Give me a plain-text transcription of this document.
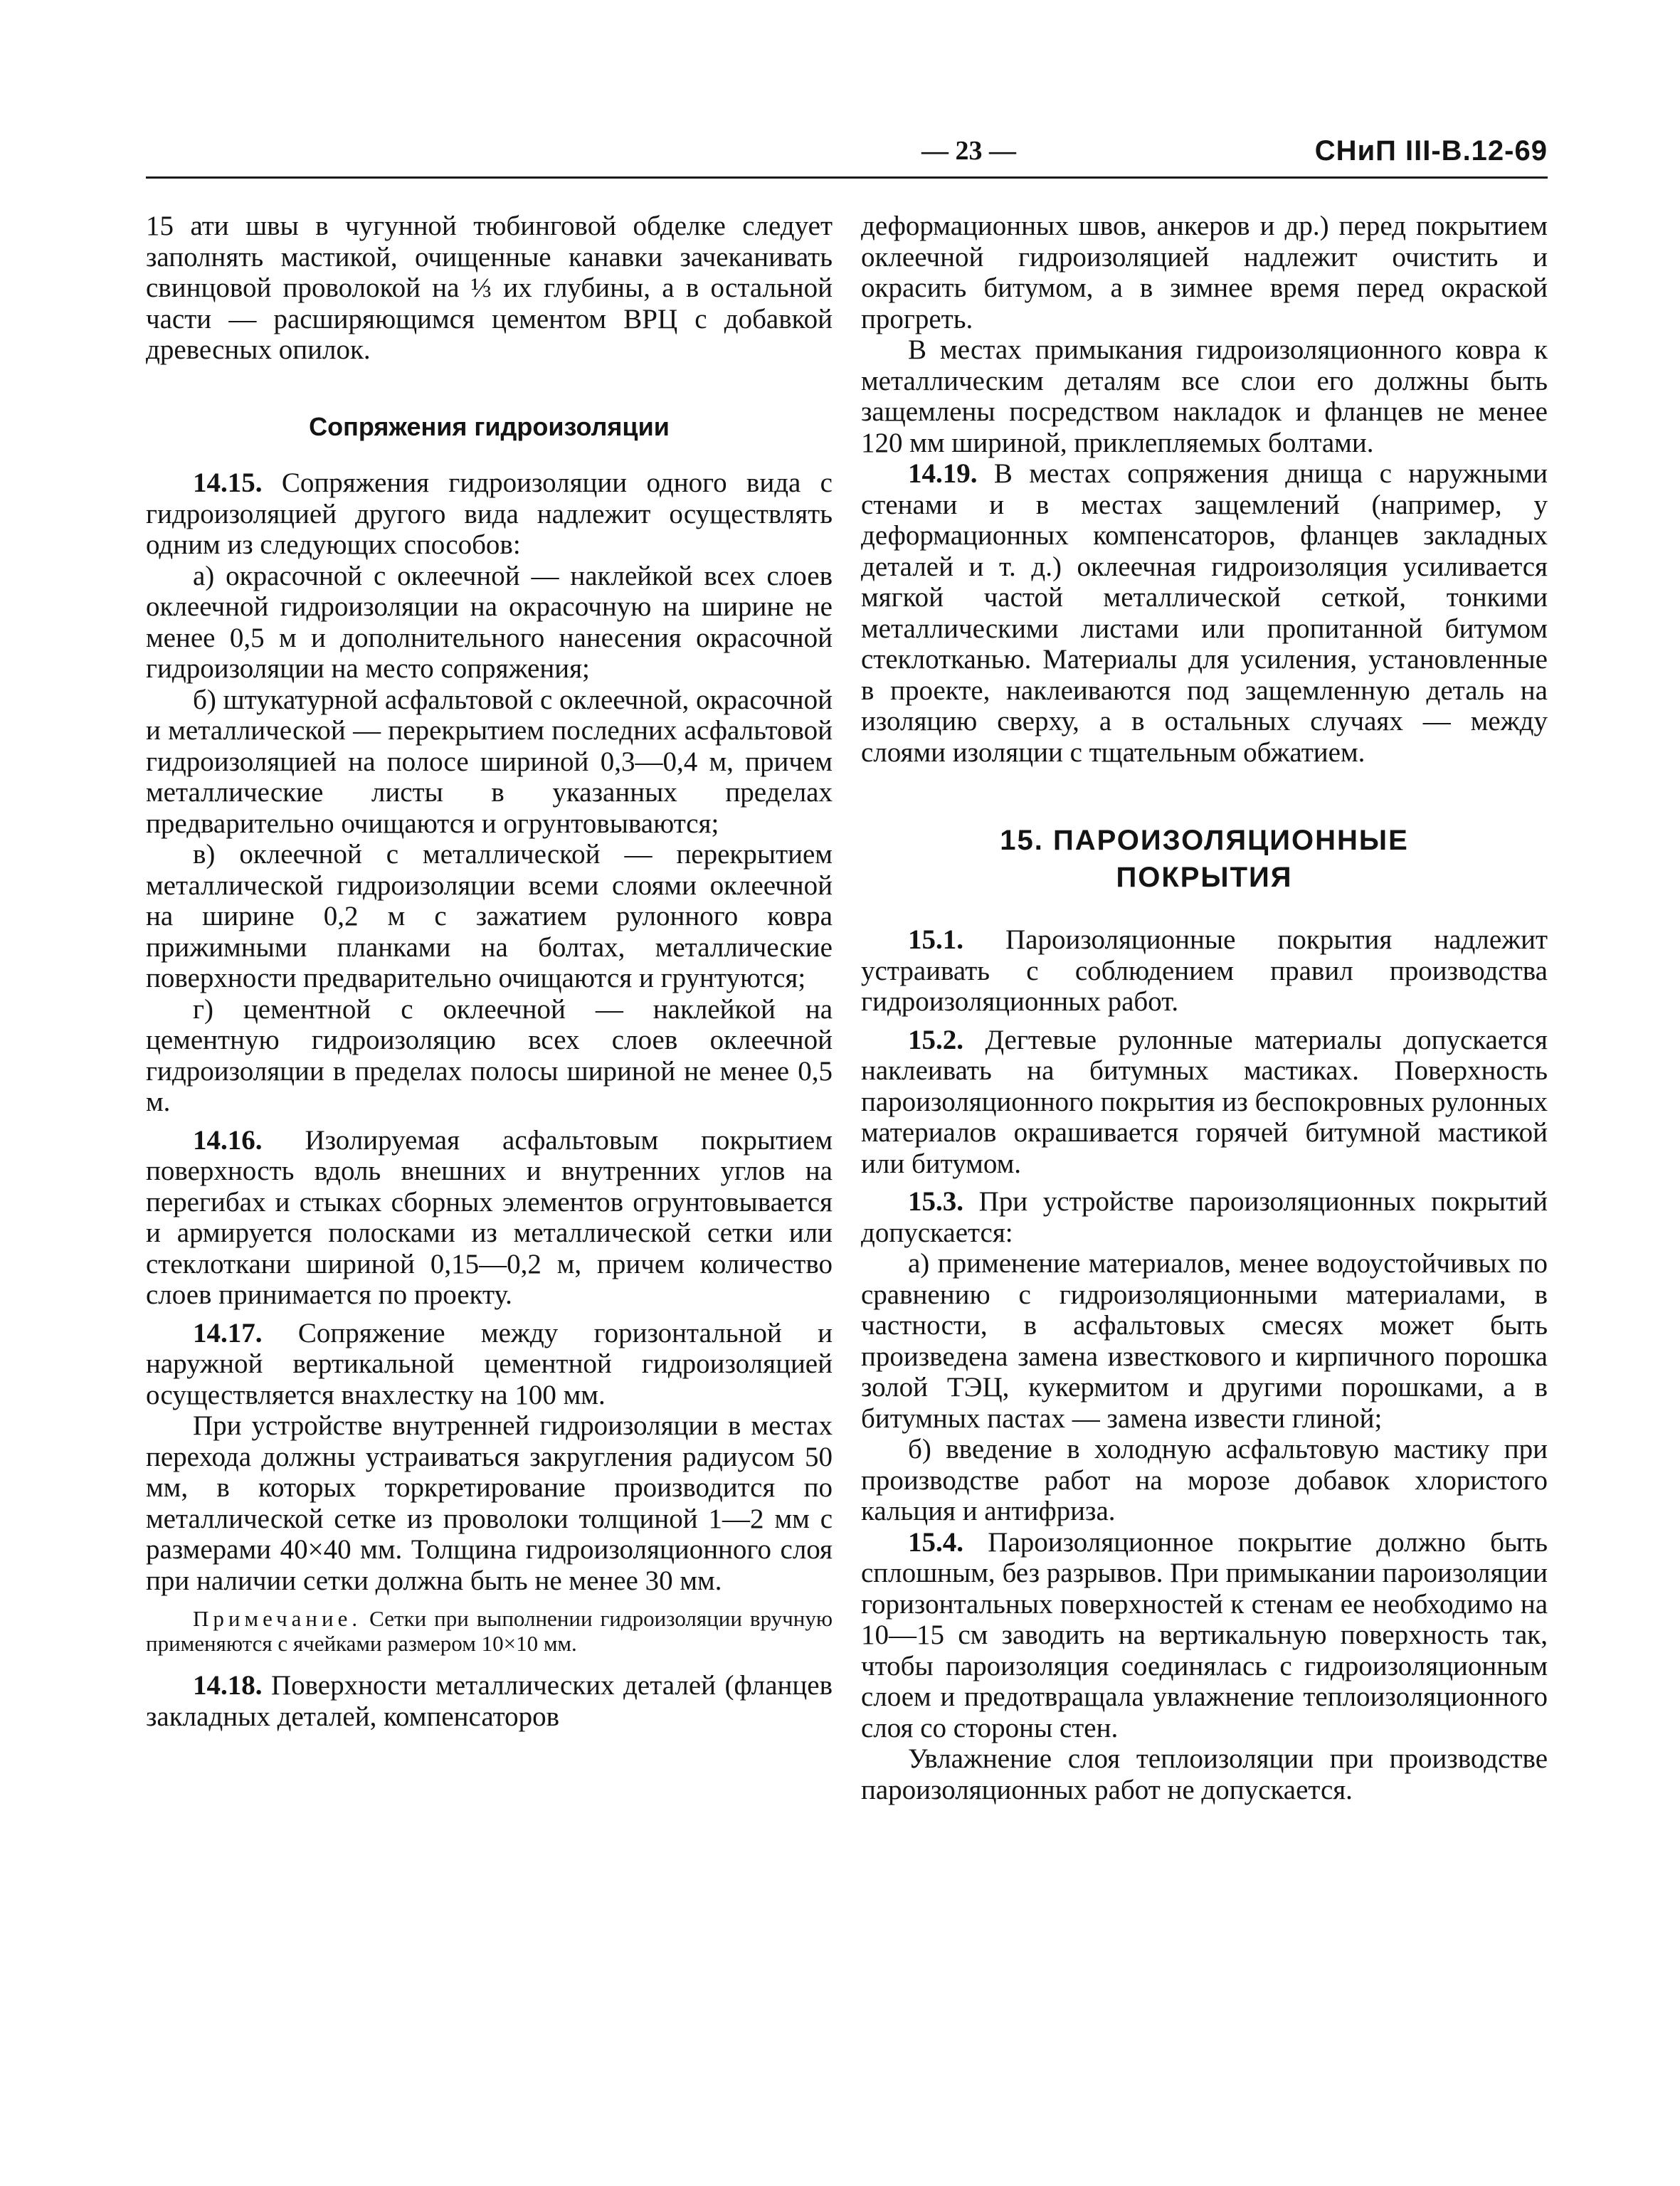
— 23 —	СНиП III-В.12-69

15 ати швы в чугунной тюбинговой обделке следует заполнять мастикой, очищенные канавки зачеканивать свинцовой проволокой на ⅓ их глубины, а в остальной части — расширяющимся цементом ВРЦ с добавкой древесных опилок.

Сопряжения гидроизоляции

14.15. Сопряжения гидроизоляции одного вида с гидроизоляцией другого вида надлежит осуществлять одним из следующих способов:

а) окрасочной с оклеечной — наклейкой всех слоев оклеечной гидроизоляции на окрасочную на ширине не менее 0,5 м и дополнительного нанесения окрасочной гидроизоляции на место сопряжения;

б) штукатурной асфальтовой с оклеечной, окрасочной и металлической — перекрытием последних асфальтовой гидроизоляцией на полосе шириной 0,3—0,4 м, причем металлические листы в указанных пределах предварительно очищаются и огрунтовываются;

в) оклеечной с металлической — перекрытием металлической гидроизоляции всеми слоями оклеечной на ширине 0,2 м с зажатием рулонного ковра прижимными планками на болтах, металлические поверхности предварительно очищаются и грунтуются;

г) цементной с оклеечной — наклейкой на цементную гидроизоляцию всех слоев оклеечной гидроизоляции в пределах полосы шириной не менее 0,5 м.

14.16. Изолируемая асфальтовым покрытием поверхность вдоль внешних и внутренних углов на перегибах и стыках сборных элементов огрунтовывается и армируется полосками из металлической сетки или стеклоткани шириной 0,15—0,2 м, причем количество слоев принимается по проекту.

14.17. Сопряжение между горизонтальной и наружной вертикальной цементной гидроизоляцией осуществляется внахлестку на 100 мм.

При устройстве внутренней гидроизоляции в местах перехода должны устраиваться закругления радиусом 50 мм, в которых торкретирование производится по металлической сетке из проволоки толщиной 1—2 мм с размерами 40×40 мм. Толщина гидроизоляционного слоя при наличии сетки должна быть не менее 30 мм.

Примечание. Сетки при выполнении гидроизоляции вручную применяются с ячейками размером 10×10 мм.

14.18. Поверхности металлических деталей (фланцев закладных деталей, компенсаторов

деформационных швов, анкеров и др.) перед покрытием оклеечной гидроизоляцией надлежит очистить и окрасить битумом, а в зимнее время перед окраской прогреть.

В местах примыкания гидроизоляционного ковра к металлическим деталям все слои его должны быть защемлены посредством накладок и фланцев не менее 120 мм шириной, приклепляемых болтами.

14.19. В местах сопряжения днища с наружными стенами и в местах защемлений (например, у деформационных компенсаторов, фланцев закладных деталей и т. д.) оклеечная гидроизоляция усиливается мягкой частой металлической сеткой, тонкими металлическими листами или пропитанной битумом стеклотканью. Материалы для усиления, установленные в проекте, наклеиваются под защемленную деталь на изоляцию сверху, а в остальных случаях — между слоями изоляции с тщательным обжатием.

15. ПАРОИЗОЛЯЦИОННЫЕ
ПОКРЫТИЯ

15.1. Пароизоляционные покрытия надлежит устраивать с соблюдением правил производства гидроизоляционных работ.

15.2. Дегтевые рулонные материалы допускается наклеивать на битумных мастиках. Поверхность пароизоляционного покрытия из беспокровных рулонных материалов окрашивается горячей битумной мастикой или битумом.

15.3. При устройстве пароизоляционных покрытий допускается:

а) применение материалов, менее водоустойчивых по сравнению с гидроизоляционными материалами, в частности, в асфальтовых смесях может быть произведена замена известкового и кирпичного порошка золой ТЭЦ, кукермитом и другими порошками, а в битумных пастах — замена извести глиной;

б) введение в холодную асфальтовую мастику при производстве работ на морозе добавок хлористого кальция и антифриза.

15.4. Пароизоляционное покрытие должно быть сплошным, без разрывов. При примыкании пароизоляции горизонтальных поверхностей к стенам ее необходимо на 10—15 см заводить на вертикальную поверхность так, чтобы пароизоляция соединялась с гидроизоляционным слоем и предотвращала увлажнение теплоизоляционного слоя со стороны стен.

Увлажнение слоя теплоизоляции при производстве пароизоляционных работ не допускается.
